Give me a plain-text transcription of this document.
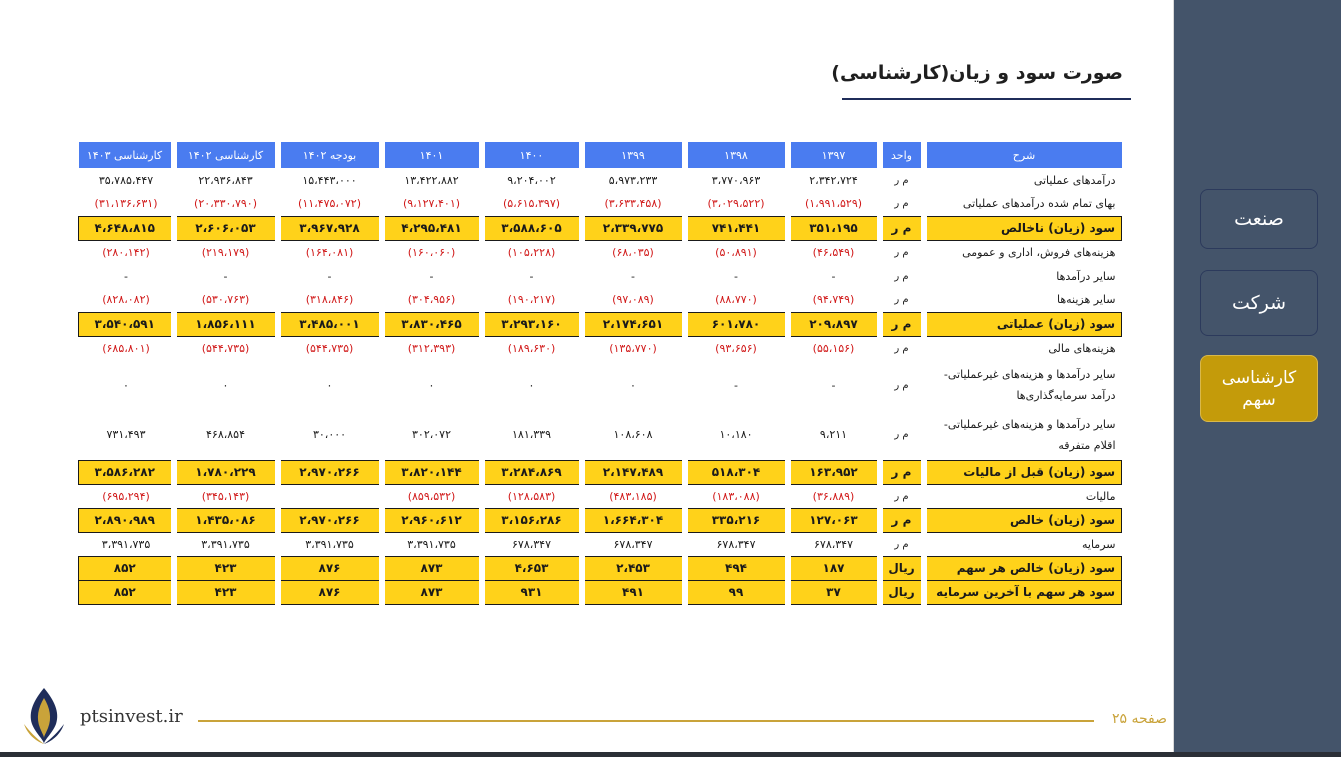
صورت سود و زیان(کارشناسی)
شرح	واحد	۱۳۹۷	۱۳۹۸	۱۳۹۹	۱۴۰۰	۱۴۰۱	بودجه ۱۴۰۲	کارشناسی ۱۴۰۲	کارشناسی ۱۴۰۳
درآمدهای عملیاتی	م ر	۲،۳۴۲،۷۲۴	۳،۷۷۰،۹۶۳	۵،۹۷۳،۲۳۳	۹،۲۰۴،۰۰۲	۱۳،۴۲۲،۸۸۲	۱۵،۴۴۳،۰۰۰	۲۲،۹۳۶،۸۴۳	۳۵،۷۸۵،۴۴۷
بهای تمام شده درآمدهای عملیاتی	م ر	(۱،۹۹۱،۵۲۹)	(۳،۰۲۹،۵۲۲)	(۳،۶۳۳،۴۵۸)	(۵،۶۱۵،۳۹۷)	(۹،۱۲۷،۴۰۱)	(۱۱،۴۷۵،۰۷۲)	(۲۰،۳۳۰،۷۹۰)	(۳۱،۱۳۶،۶۳۱)
سود (زیان) ناخالص	م ر	۳۵۱،۱۹۵	۷۴۱،۴۴۱	۲،۳۳۹،۷۷۵	۳،۵۸۸،۶۰۵	۴،۲۹۵،۴۸۱	۳،۹۶۷،۹۲۸	۲،۶۰۶،۰۵۳	۴،۶۴۸،۸۱۵
هزینه‌های فروش، اداری و عمومی	م ر	(۴۶،۵۴۹)	(۵۰،۸۹۱)	(۶۸،۰۳۵)	(۱۰۵،۲۲۸)	(۱۶۰،۰۶۰)	(۱۶۴،۰۸۱)	(۲۱۹،۱۷۹)	(۲۸۰،۱۴۲)
سایر درآمدها	م ر	-	-	-	-	-	-	-	-
سایر هزینه‌ها	م ر	(۹۴،۷۴۹)	(۸۸،۷۷۰)	(۹۷،۰۸۹)	(۱۹۰،۲۱۷)	(۳۰۴،۹۵۶)	(۳۱۸،۸۴۶)	(۵۳۰،۷۶۳)	(۸۲۸،۰۸۲)
سود (زیان) عملیاتی	م ر	۲۰۹،۸۹۷	۶۰۱،۷۸۰	۲،۱۷۴،۶۵۱	۳،۲۹۳،۱۶۰	۳،۸۳۰،۴۶۵	۳،۴۸۵،۰۰۱	۱،۸۵۶،۱۱۱	۳،۵۴۰،۵۹۱
هزینه‌های مالی	م ر	(۵۵،۱۵۶)	(۹۳،۶۵۶)	(۱۳۵،۷۷۰)	(۱۸۹،۶۳۰)	(۳۱۲،۳۹۳)	(۵۴۴،۷۳۵)	(۵۴۴،۷۳۵)	(۶۸۵،۸۰۱)
سایر درآمدها و هزینه‌های غیرعملیاتی- درآمد سرمایه‌گذاری‌ها	م ر	-	-	٠	٠	٠	٠	٠	٠
سایر درآمدها و هزینه‌های غیرعملیاتی- اقلام متفرقه	م ر	۹،۲۱۱	۱۰،۱۸۰	۱۰۸،۶۰۸	۱۸۱،۳۳۹	۳۰۲،۰۷۲	۳۰،۰۰۰	۴۶۸،۸۵۴	۷۳۱،۴۹۳
سود (زیان) قبل از مالیات	م ر	۱۶۳،۹۵۲	۵۱۸،۳۰۴	۲،۱۴۷،۴۸۹	۳،۲۸۴،۸۶۹	۳،۸۲۰،۱۴۴	۲،۹۷۰،۲۶۶	۱،۷۸۰،۲۲۹	۳،۵۸۶،۲۸۲
مالیات	م ر	(۳۶،۸۸۹)	(۱۸۳،۰۸۸)	(۴۸۳،۱۸۵)	(۱۲۸،۵۸۳)	(۸۵۹،۵۳۲)		(۳۴۵،۱۴۳)	(۶۹۵،۲۹۴)
سود (زیان) خالص	م ر	۱۲۷،۰۶۳	۳۳۵،۲۱۶	۱،۶۶۴،۳۰۴	۳،۱۵۶،۲۸۶	۲،۹۶۰،۶۱۲	۲،۹۷۰،۲۶۶	۱،۴۳۵،۰۸۶	۲،۸۹۰،۹۸۹
سرمایه	م ر	۶۷۸،۳۴۷	۶۷۸،۳۴۷	۶۷۸،۳۴۷	۶۷۸،۳۴۷	۳،۳۹۱،۷۳۵	۳،۳۹۱،۷۳۵	۳،۳۹۱،۷۳۵	۳،۳۹۱،۷۳۵
سود (زیان) خالص هر سهم	ریال	۱۸۷	۴۹۴	۲،۴۵۳	۴،۶۵۳	۸۷۳	۸۷۶	۴۲۳	۸۵۲
سود هر سهم با آخرین سرمایه	ریال	۳۷	۹۹	۴۹۱	۹۳۱	۸۷۳	۸۷۶	۴۲۳	۸۵۲
ptsinvest.ir	صفحه ۲۵
صنعت
شرکت
کارشناسی سهم
